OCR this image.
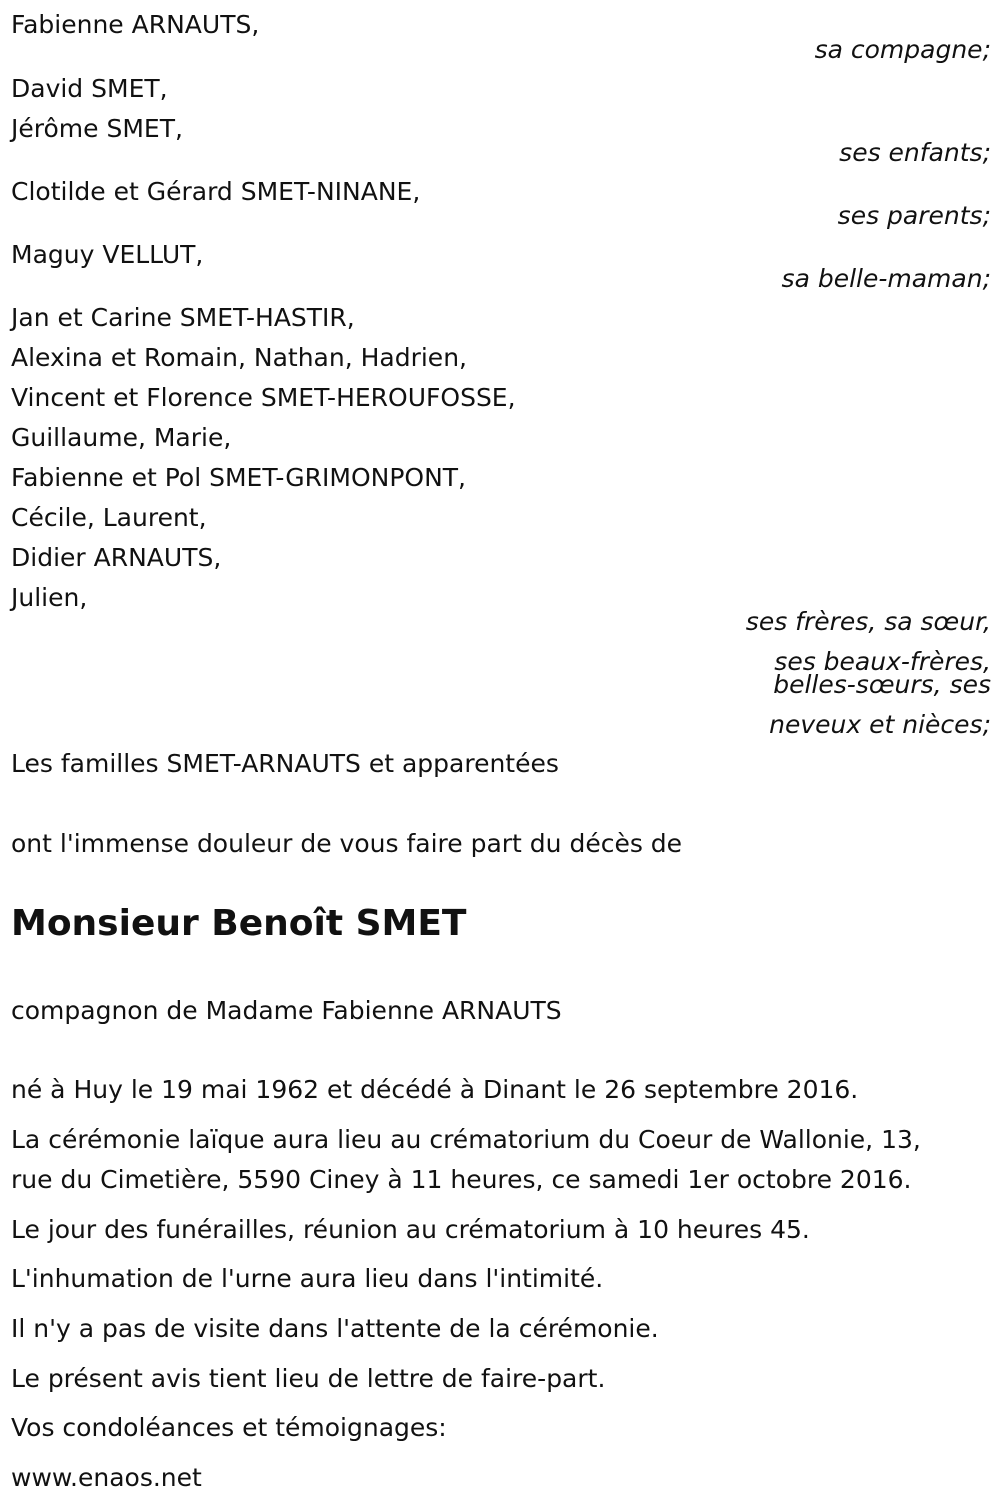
Fabienne ARNAUTS,
sa compagne;
David SMET,
Jérôme SMET,
ses enfants;
Clotilde et Gérard SMET-NINANE,
ses parents;
Maguy VELLUT,
sa belle-maman;
Jan et Carine SMET-HASTIR,
Alexina et Romain, Nathan, Hadrien,
Vincent et Florence SMET-HEROUFOSSE,
Guillaume, Marie,
Fabienne et Pol SMET-GRIMONPONT,
Cécile, Laurent,
Didier ARNAUTS,
Julien,
ses frères, sa sœur,
ses beaux-frères,
belles-sœurs, ses
neveux et nièces;
Les familles SMET-ARNAUTS et apparentées
ont l'immense douleur de vous faire part du décès de
Monsieur Benoît SMET
compagnon de Madame Fabienne ARNAUTS
né à Huy le 19 mai 1962 et décédé à Dinant le 26 septembre 2016.
La cérémonie laïque aura lieu au crématorium du Coeur de Wallonie, 13,
rue du Cimetière, 5590 Ciney à 11 heures, ce samedi 1er octobre 2016.
Le jour des funérailles, réunion au crématorium à 10 heures 45.
L'inhumation de l'urne aura lieu dans l'intimité.
Il n'y a pas de visite dans l'attente de la cérémonie.
Le présent avis tient lieu de lettre de faire-part.
Vos condoléances et témoignages:
www.enaos.net
